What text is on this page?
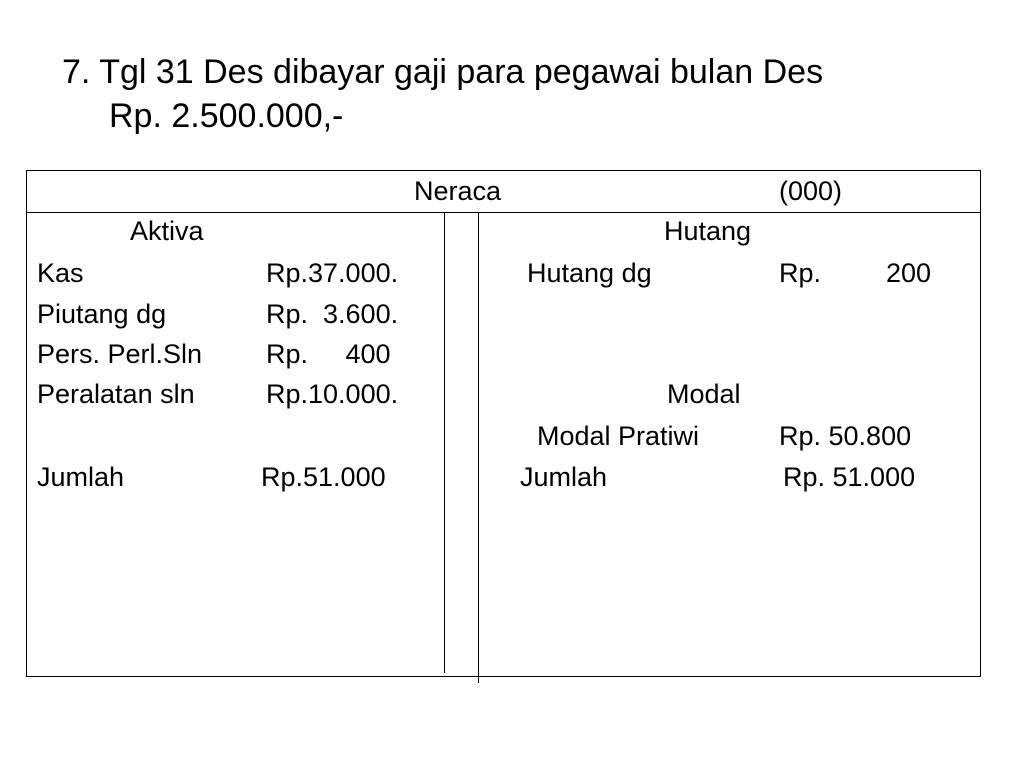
7. Tgl 31 Des dibayar gaji para pegawai bulan Des
Rp. 2.500.000,-
Neraca	(000)
Aktiva
Kas	Rp.37.000.
Piutang dg	Rp.  3.600.
Pers. Perl.Sln Rp.     400
Peralatan sln	Rp.10.000.
Jumlah	Rp.51.000
Hutang
Hutang dg	Rp. 200
Modal
Modal Pratiwi	Rp. 50.800
Jumlah	Rp. 51.000
